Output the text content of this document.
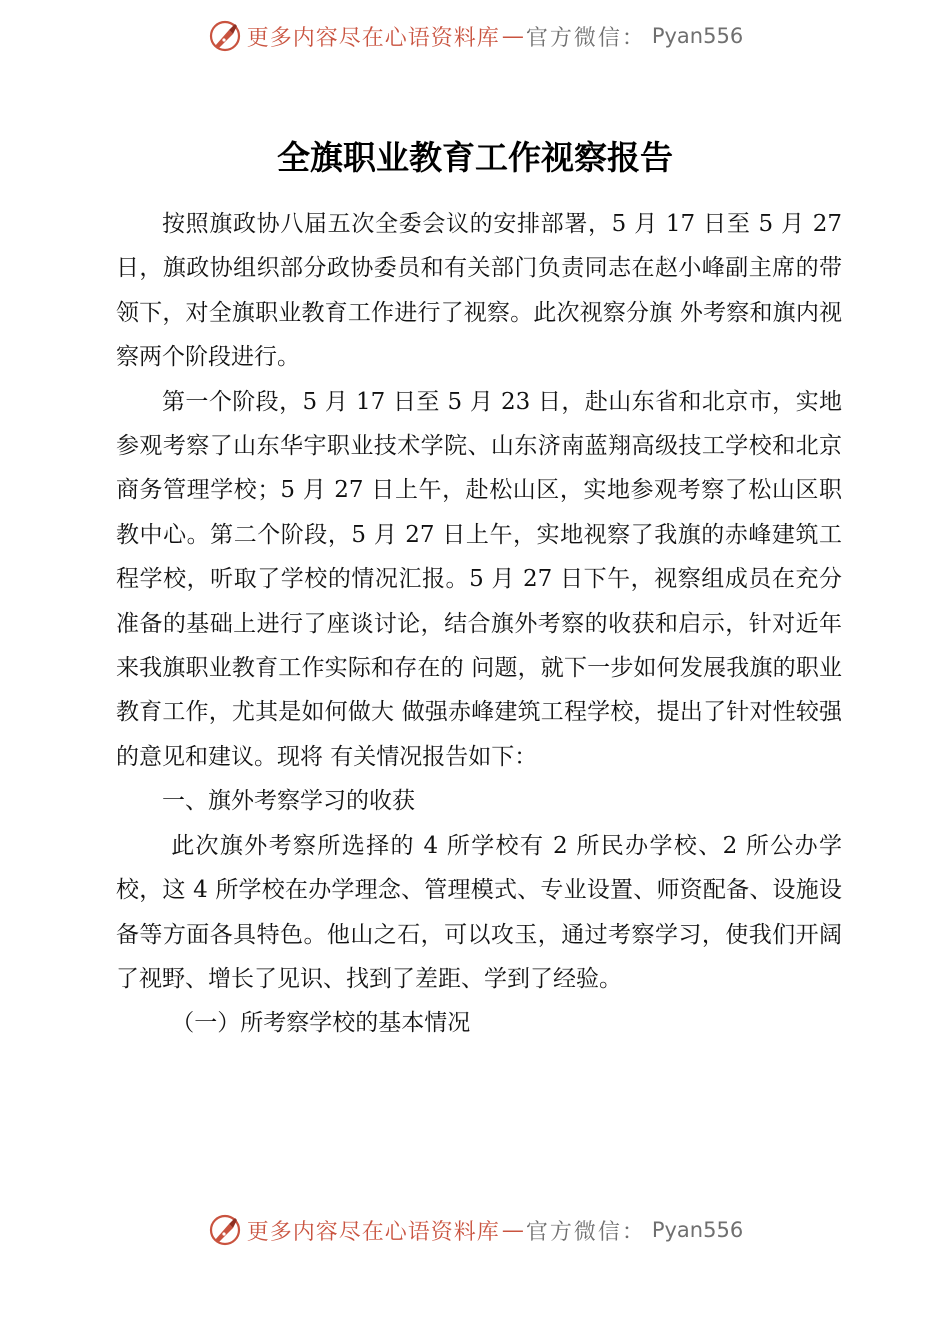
更多内容尽在心语资料库 — 官方微信： Pyan556
全旗职业教育工作视察报告

按照旗政协八届五次全委会议的安排部署，5 月 17 日至 5 月 27 日，旗政协组织部分政协委员和有关部门负责同志在赵小峰副主席的带领下，对全旗职业教育工作进行了视察。此次视察分旗 外考察和旗内视察两个阶段进行。

第一个阶段，5 月 17 日至 5 月 23 日，赴山东省和北京市，实地参观考察了山东华宇职业技术学院、山东济南蓝翔高级技工学校和北京商务管理学校；5 月 27 日上午，赴松山区，实地参观考察了松山区职教中心。第二个阶段，5 月 27 日上午，实地视察了我旗的赤峰建筑工程学校，听取了学校的情况汇报。5 月 27 日下午，视察组成员在充分准备的基础上进行了座谈讨论，结合旗外考察的收获和启示，针对近年来我旗职业教育工作实际和存在的 问题，就下一步如何发展我旗的职业教育工作，尤其是如何做大 做强赤峰建筑工程学校，提出了针对性较强的意见和建议。现将 有关情况报告如下：

一、旗外考察学习的收获

此次旗外考察所选择的 4 所学校有 2 所民办学校、2 所公办学校，这 4 所学校在办学理念、管理模式、专业设置、师资配备、设施设备等方面各具特色。他山之石，可以攻玉，通过考察学习，使我们开阔了视野、增长了见识、找到了差距、学到了经验。

（一）所考察学校的基本情况

更多内容尽在心语资料库 — 官方微信： Pyan556
